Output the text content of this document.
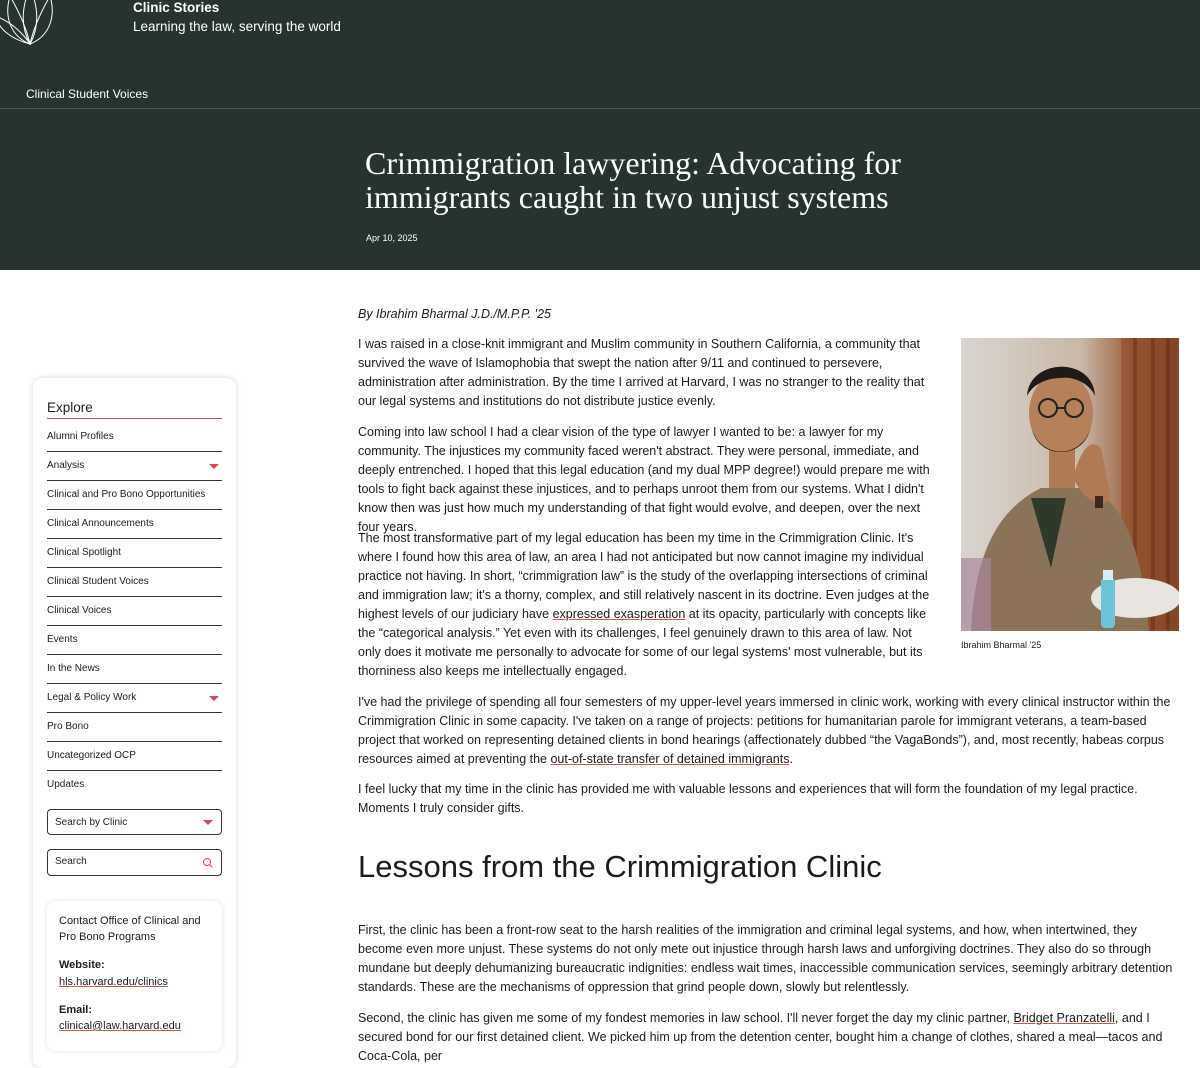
Clinic Stories
Learning the law, serving the world
Clinical Student Voices
Crimmigration lawyering: Advocating for immigrants caught in two unjust systems
Apr 10, 2025
Explore
Alumni Profiles
Analysis
Clinical and Pro Bono Opportunities
Clinical Announcements
Clinical Spotlight
Clinical Student Voices
Clinical Voices
Events
In the News
Legal & Policy Work
Pro Bono
Uncategorized OCP
Updates
Search by Clinic
Search
Contact Office of Clinical and Pro Bono Programs
Website:
hls.harvard.edu/clinics
Email:
clinical@law.harvard.edu
By Ibrahim Bharmal J.D./M.P.P. '25

I was raised in a close-knit immigrant and Muslim community in Southern California, a community that survived the wave of Islamophobia that swept the nation after 9/11 and continued to persevere, administration after administration. By the time I arrived at Harvard, I was no stranger to the reality that our legal systems and institutions do not distribute justice evenly.

Coming into law school I had a clear vision of the type of lawyer I wanted to be: a lawyer for my community. The injustices my community faced weren't abstract. They were personal, immediate, and deeply entrenched. I hoped that this legal education (and my dual MPP degree!) would prepare me with tools to fight back against these injustices, and to perhaps unroot them from our systems. What I didn't know then was just how much my understanding of that fight would evolve, and deepen, over the next four years.

The most transformative part of my legal education has been my time in the Crimmigration Clinic. It's where I found how this area of law, an area I had not anticipated but now cannot imagine my individual practice not having. In short, “crimmigration law” is the study of the overlapping intersections of criminal and immigration law; it's a thorny, complex, and still relatively nascent in its doctrine. Even judges at the highest levels of our judiciary have expressed exasperation at its opacity, particularly with concepts like the “categorical analysis.” Yet even with its challenges, I feel genuinely drawn to this area of law. Not only does it motivate me personally to advocate for some of our legal systems' most vulnerable, but its thorniness also keeps me intellectually engaged.

I've had the privilege of spending all four semesters of my upper-level years immersed in clinic work, working with every clinical instructor within the Crimmigration Clinic in some capacity. I've taken on a range of projects: petitions for humanitarian parole for immigrant veterans, a team-based project that worked on representing detained clients in bond hearings (affectionately dubbed “the VagaBonds”), and, most recently, habeas corpus resources aimed at preventing the out-of-state transfer of detained immigrants.

I feel lucky that my time in the clinic has provided me with valuable lessons and experiences that will form the foundation of my legal practice. Moments I truly consider gifts.

Lessons from the Crimmigration Clinic

First, the clinic has been a front-row seat to the harsh realities of the immigration and criminal legal systems, and how, when intertwined, they become even more unjust. These systems do not only mete out injustice through harsh laws and unforgiving doctrines. They also do so through mundane but deeply dehumanizing bureaucratic indignities: endless wait times, inaccessible communication services, seemingly arbitrary detention standards. These are the mechanisms of oppression that grind people down, slowly but relentlessly.

Second, the clinic has given me some of my fondest memories in law school. I'll never forget the day my clinic partner, Bridget Pranzatelli, and I secured bond for our first detained client. We picked him up from the detention center, bought him a change of clothes, shared a meal—tacos and Coca-Cola, per

Ibrahim Bharmal '25
